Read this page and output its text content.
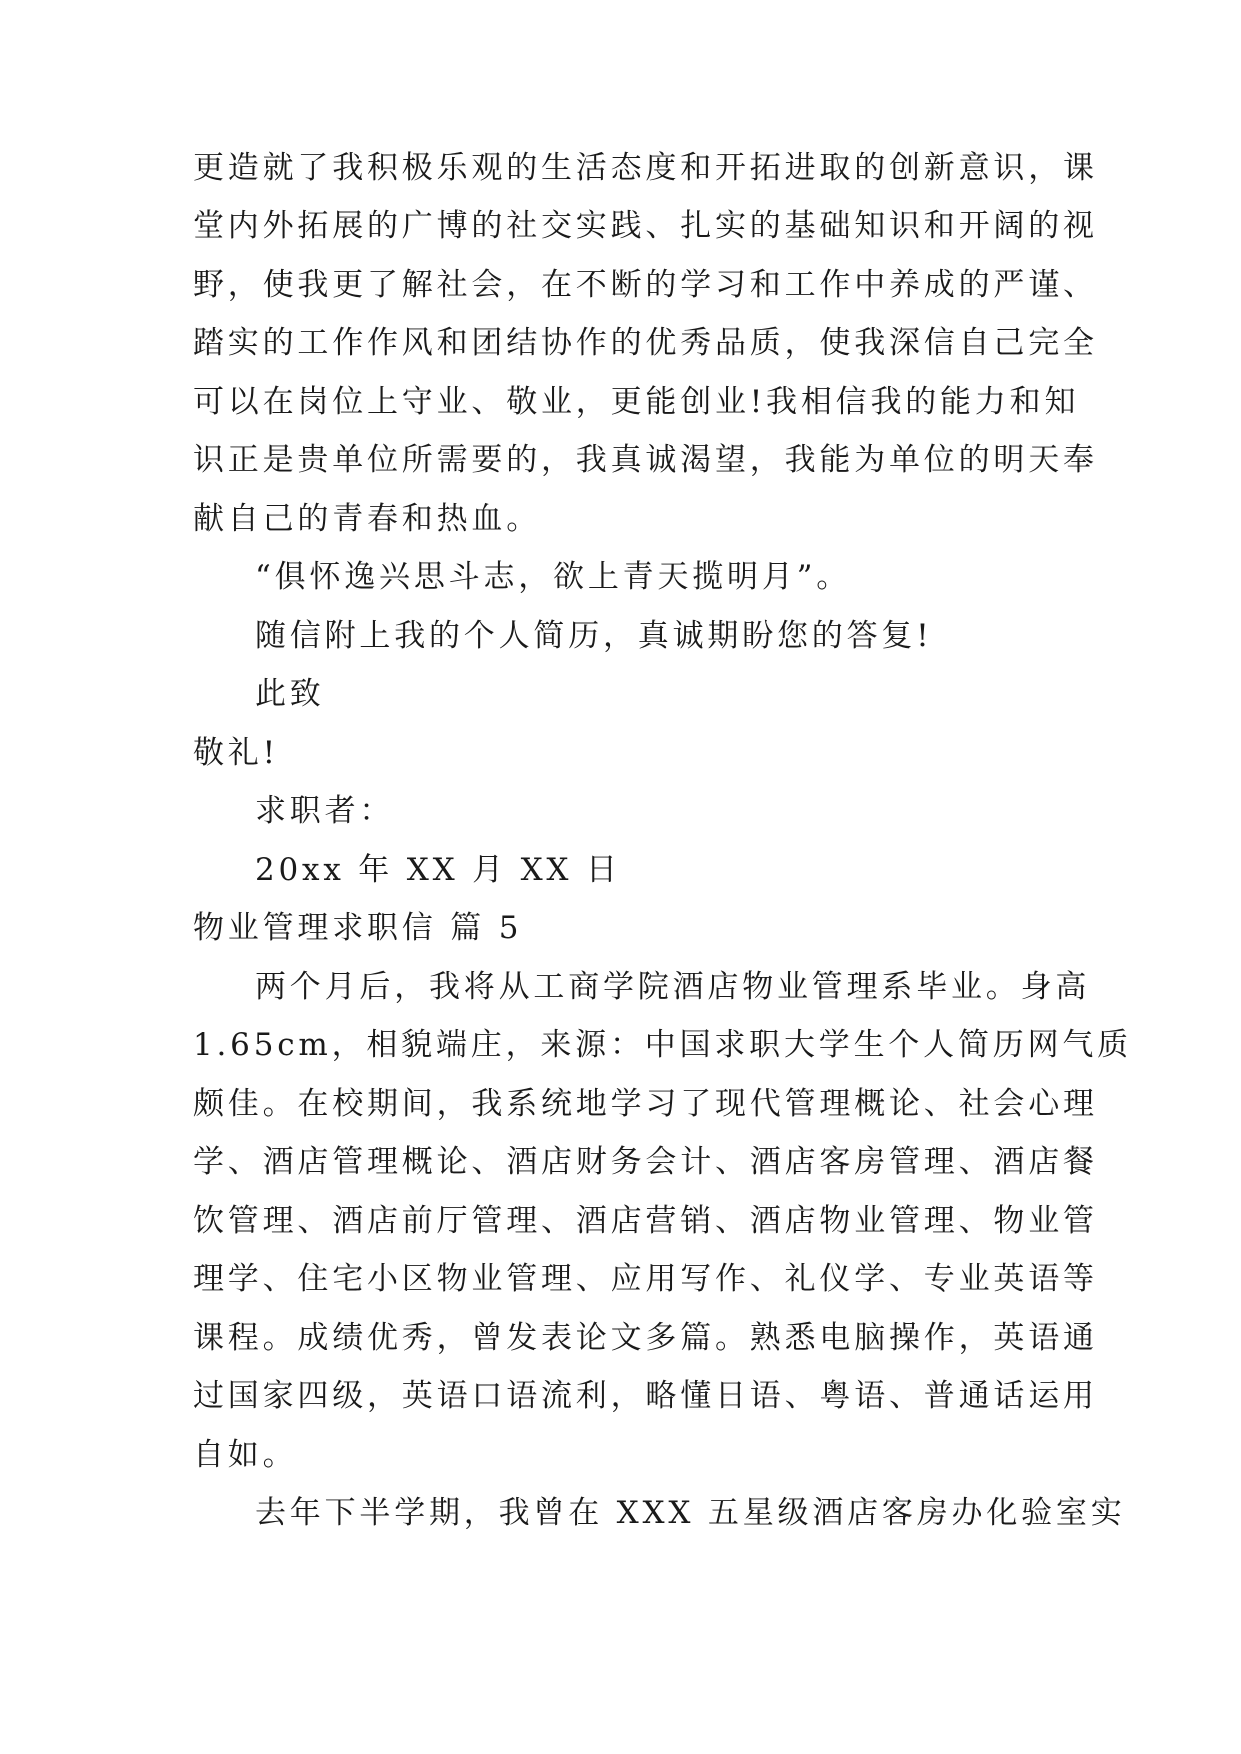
更造就了我积极乐观的生活态度和开拓进取的创新意识，课

堂内外拓展的广博的社交实践、扎实的基础知识和开阔的视

野，使我更了解社会，在不断的学习和工作中养成的严谨、

踏实的工作作风和团结协作的优秀品质，使我深信自己完全

可以在岗位上守业、敬业，更能创业!我相信我的能力和知

识正是贵单位所需要的，我真诚渴望，我能为单位的明天奉

献自己的青春和热血。

“俱怀逸兴思斗志，欲上青天揽明月”。

随信附上我的个人简历，真诚期盼您的答复!

此致

敬礼!

求职者：

20xx 年 XX 月 XX 日

物业管理求职信 篇 5

两个月后，我将从工商学院酒店物业管理系毕业。身高

1.65cm，相貌端庄，来源：中国求职大学生个人简历网气质

颇佳。在校期间，我系统地学习了现代管理概论、社会心理

学、酒店管理概论、酒店财务会计、酒店客房管理、酒店餐

饮管理、酒店前厅管理、酒店营销、酒店物业管理、物业管

理学、住宅小区物业管理、应用写作、礼仪学、专业英语等

课程。成绩优秀，曾发表论文多篇。熟悉电脑操作，英语通

过国家四级，英语口语流利，略懂日语、粤语、普通话运用

自如。

去年下半学期，我曾在 XXX 五星级酒店客房办化验室实
